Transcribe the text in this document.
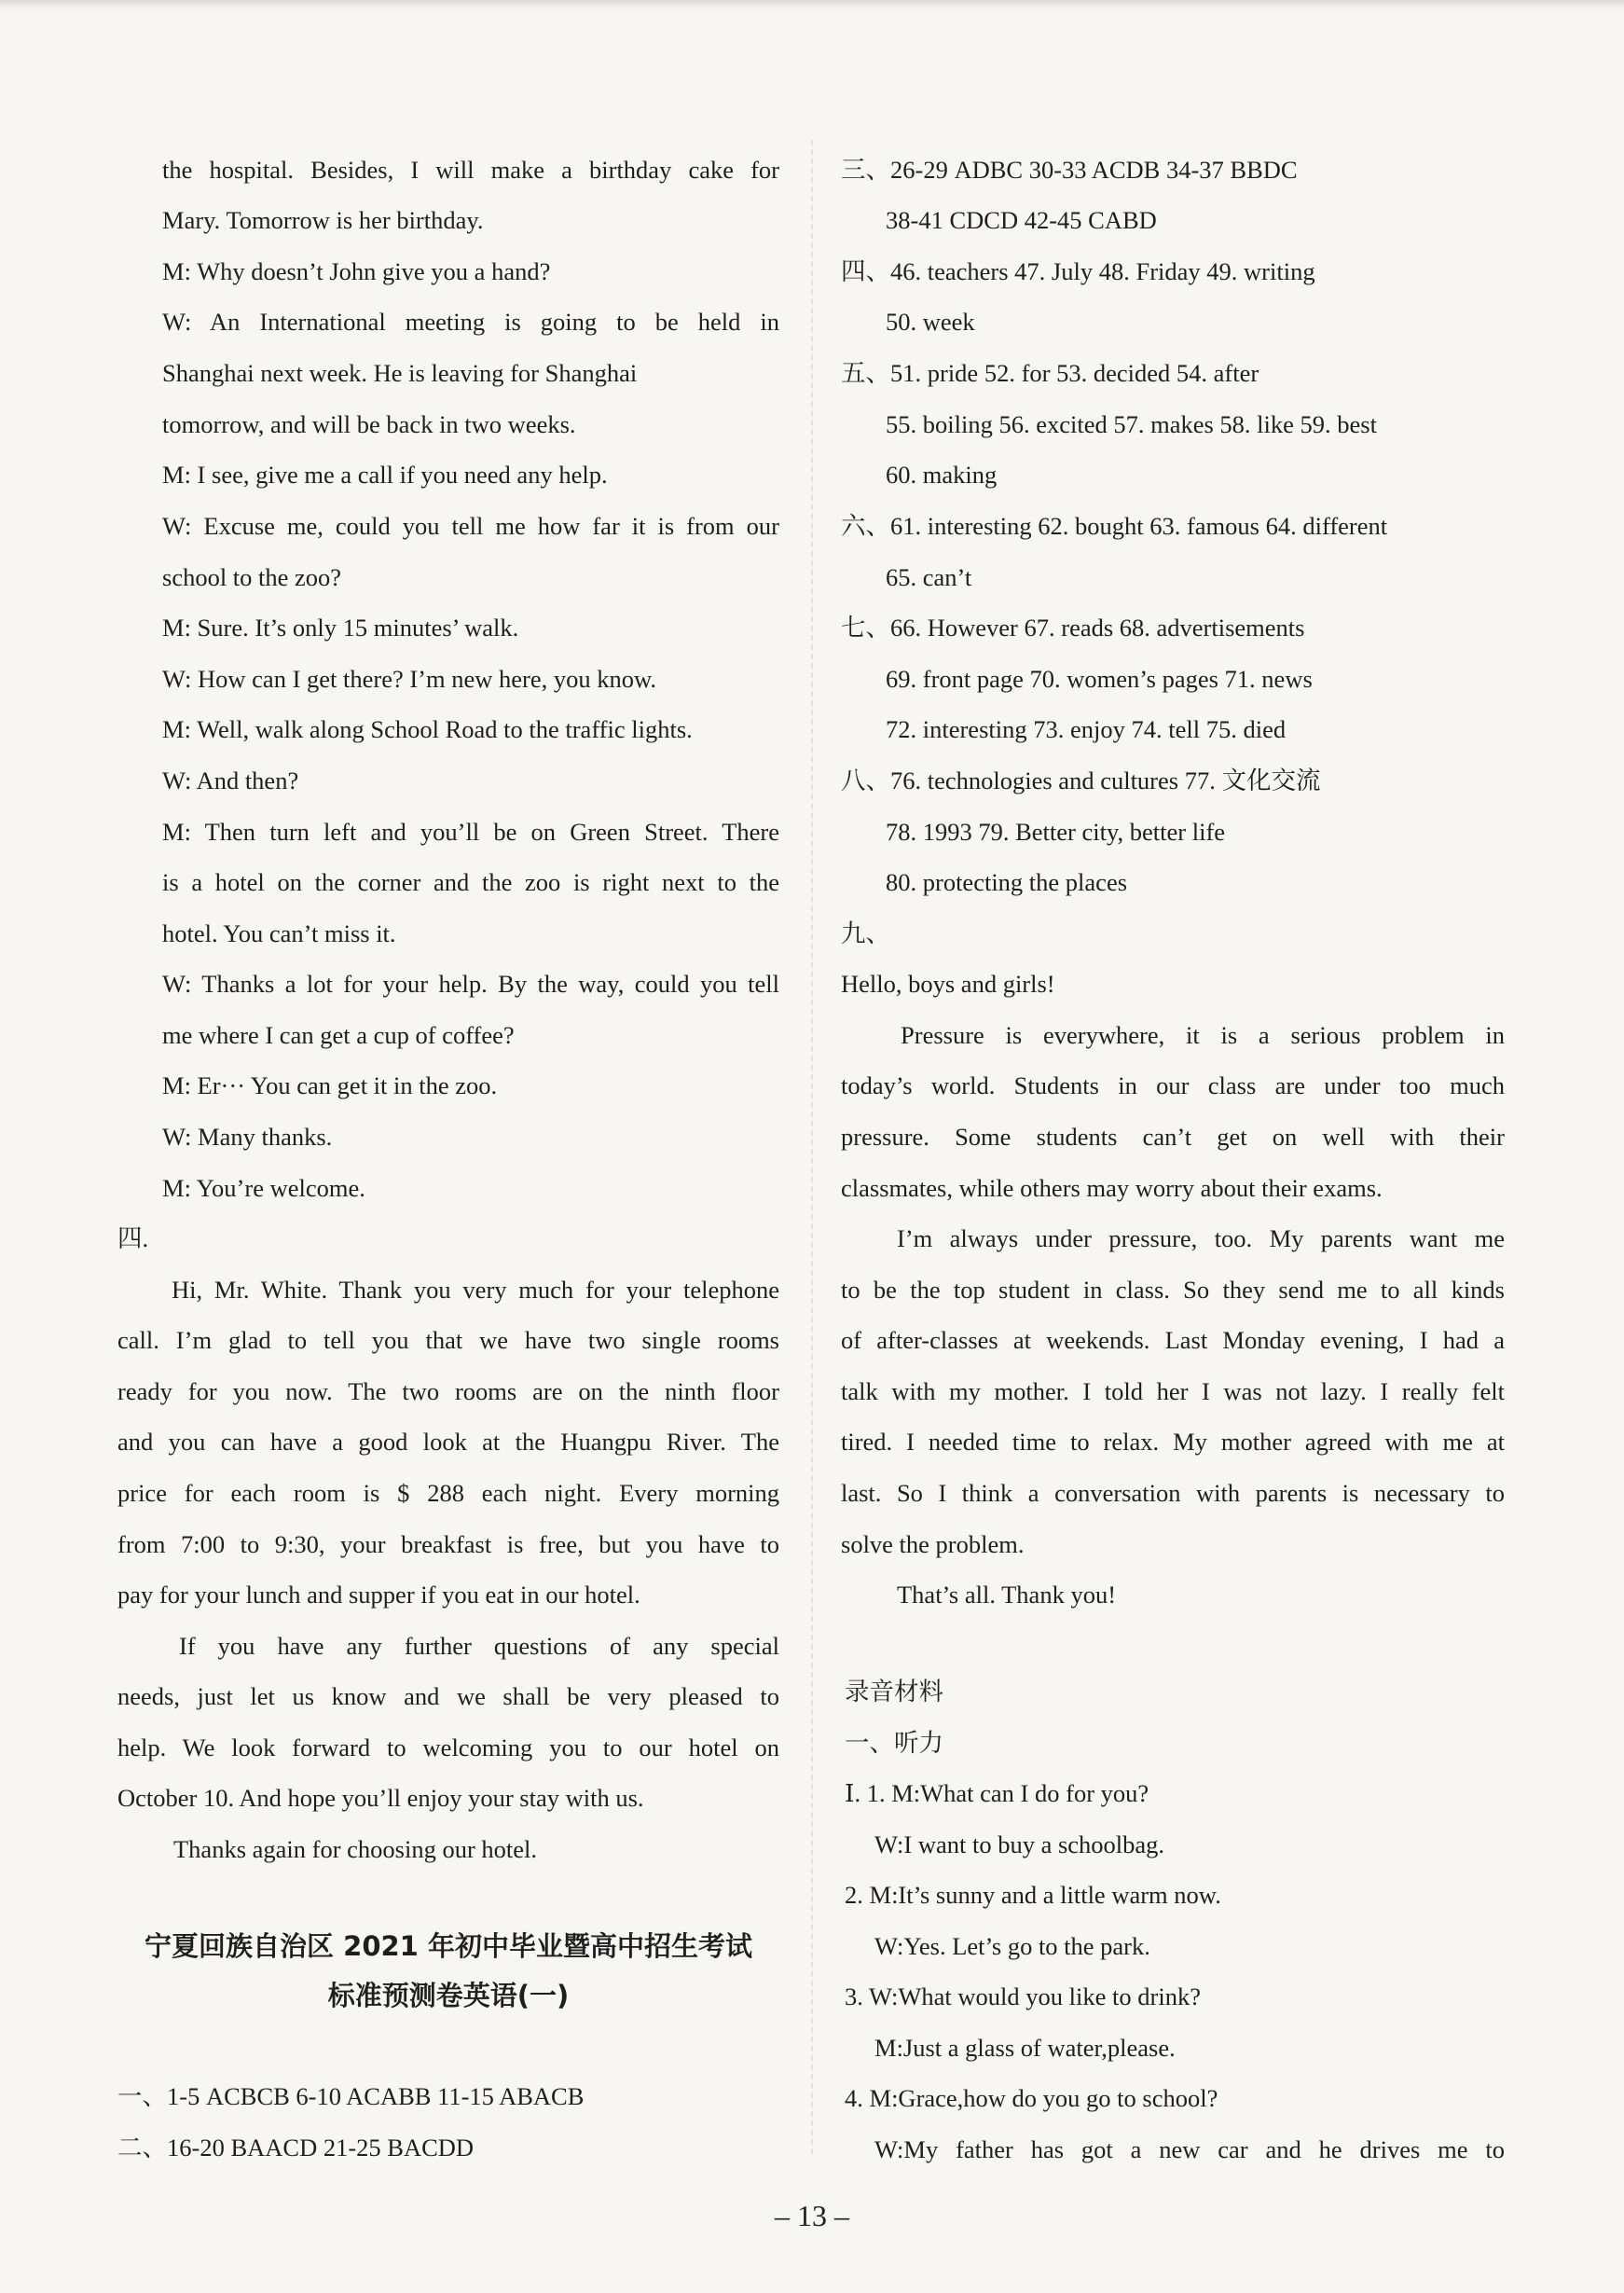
the hospital. Besides, I will make a birthday cake for
Mary. Tomorrow is her birthday.
M: Why doesn’t John give you a hand?
W: An International meeting is going to be held in
Shanghai next week. He is leaving for Shanghai
tomorrow, and will be back in two weeks.
M: I see, give me a call if you need any help.
W: Excuse me, could you tell me how far it is from our
school to the zoo?
M: Sure. It’s only 15 minutes’ walk.
W: How can I get there? I’m new here, you know.
M: Well, walk along School Road to the traffic lights.
W: And then?
M: Then turn left and you’ll be on Green Street. There
is a hotel on the corner and the zoo is right next to the
hotel. You can’t miss it.
W: Thanks a lot for your help. By the way, could you tell
me where I can get a cup of coffee?
M: Er··· You can get it in the zoo.
W: Many thanks.
M: You’re welcome.
四.
Hi, Mr. White. Thank you very much for your telephone
call. I’m glad to tell you that we have two single rooms
ready for you now. The two rooms are on the ninth floor
and you can have a good look at the Huangpu River. The
price for each room is $ 288 each night. Every morning
from 7:00 to 9:30, your breakfast is free, but you have to
pay for your lunch and supper if you eat in our hotel.
If you have any further questions of any special
needs, just let us know and we shall be very pleased to
help. We look forward to welcoming you to our hotel on
October 10. And hope you’ll enjoy your stay with us.
Thanks again for choosing our hotel.
宁夏回族自治区 2021 年初中毕业暨高中招生考试
标准预测卷英语(一)
一、1-5 ACBCB 6-10 ACABB 11-15 ABACB
二、16-20 BAACD 21-25 BACDD
三、26-29 ADBC 30-33 ACDB 34-37 BBDC
38-41 CDCD 42-45 CABD
四、46. teachers 47. July 48. Friday 49. writing
50. week
五、51. pride 52. for 53. decided 54. after
55. boiling 56. excited 57. makes 58. like 59. best
60. making
六、61. interesting 62. bought 63. famous 64. different
65. can’t
七、66. However 67. reads 68. advertisements
69. front page 70. women’s pages 71. news
72. interesting 73. enjoy 74. tell 75. died
八、76. technologies and cultures 77. 文化交流
78. 1993 79. Better city, better life
80. protecting the places
九、
Hello, boys and girls!
Pressure is everywhere, it is a serious problem in
today’s world. Students in our class are under too much
pressure. Some students can’t get on well with their
classmates, while others may worry about their exams.
I’m always under pressure, too. My parents want me
to be the top student in class. So they send me to all kinds
of after-classes at weekends. Last Monday evening, I had a
talk with my mother. I told her I was not lazy. I really felt
tired. I needed time to relax. My mother agreed with me at
last. So I think a conversation with parents is necessary to
solve the problem.
That’s all. Thank you!
录音材料
一、听力
Ⅰ. 1. M:What can I do for you?
W:I want to buy a schoolbag.
2. M:It’s sunny and a little warm now.
W:Yes. Let’s go to the park.
3. W:What would you like to drink?
M:Just a glass of water,please.
4. M:Grace,how do you go to school?
W:My father has got a new car and he drives me to
– 13 –
